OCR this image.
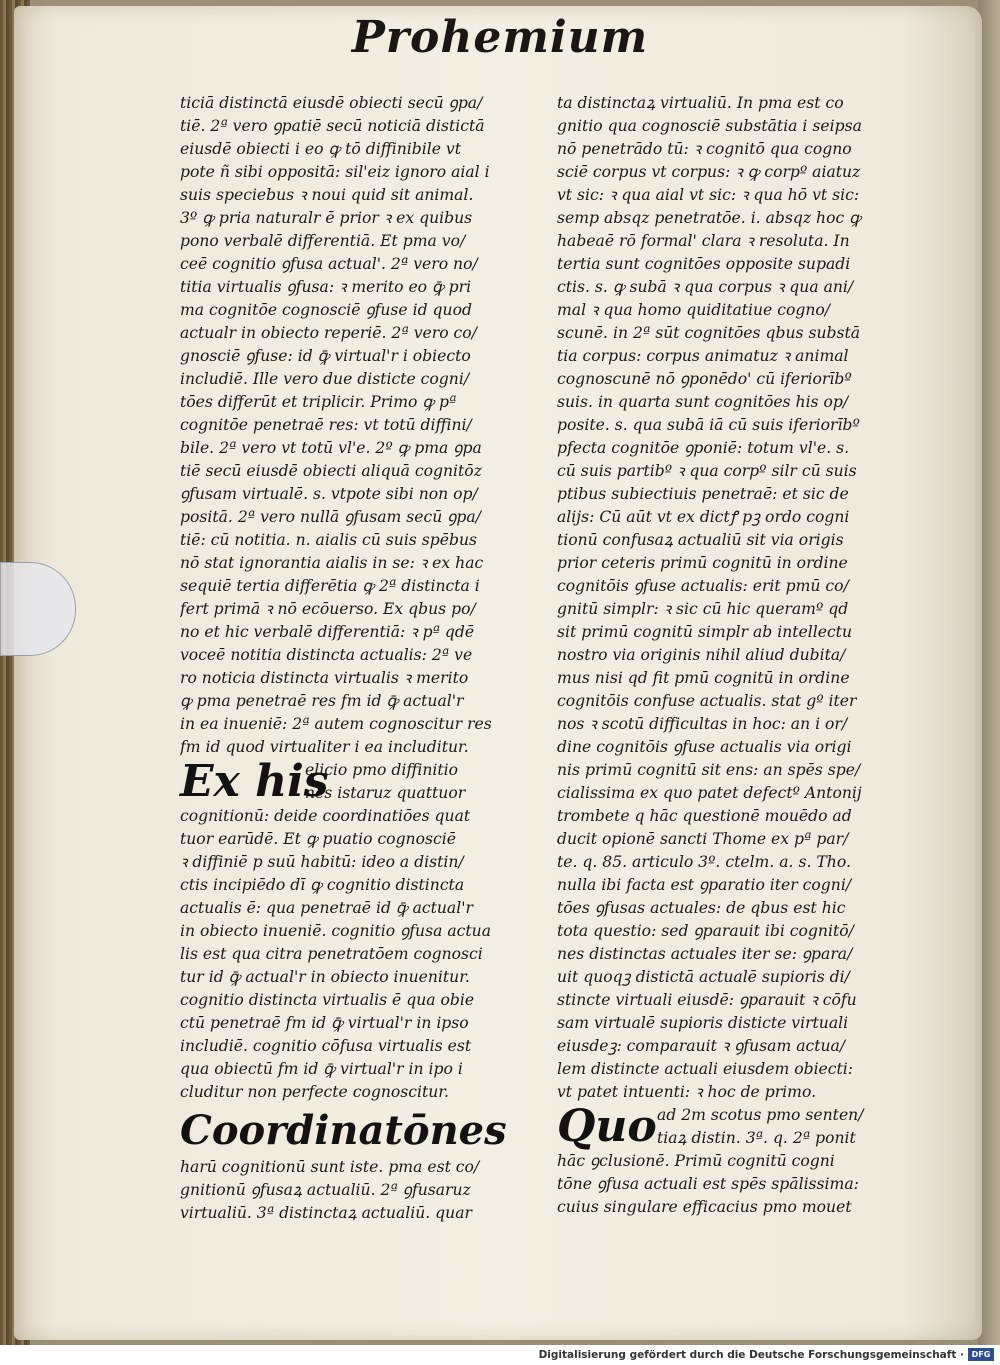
Prohemium
ticiā distinctā eiusdē obiecti secū ꝯpa/
tiē. 2ª vero ꝯpatiē secū noticiā distictā
eiusdē obiecti i eo ꝙ tō diffinibile vt
pote ñ sibi oppositā: sil'eiz ignoro aial i
suis speciebus ꝛ noui quid sit animal.
3º ꝙ pria naturalr ē prior ꝛ ex quibus
pono verbalē differentiā. Et pma vo/
ceē cognitio ꝯfusa actual'. 2ª vero no/
titia virtualis ꝯfusa: ꝛ merito eo ꝙ̄ pri
ma cognitōe cognosciē ꝯfuse id quod
actualr in obiecto reperiē. 2ª vero co/
gnosciē ꝯfuse: id ꝙ̄ virtual'r i obiecto
includiē. Ille vero due disticte cogni/
tōes differūt et triplicir. Primo ꝙ pª
cognitōe penetraē res: vt totū diffini/
bile. 2ª vero vt totū vl'e. 2º ꝙ pma ꝯpa
tiē secū eiusdē obiecti aliquā cognitōz
ꝯfusam virtualē. s. vtpote sibi non op/
positā. 2ª vero nullā ꝯfusam secū ꝯpa/
tiē: cū notitia. n. aialis cū suis spēbus
nō stat ignorantia aialis in se: ꝛ ex hac
sequiē tertia differētia ꝙ 2ª distincta i
fert primā ꝛ nō ecōuerso. Ex qbus po/
no et hic verbalē differentiā: ꝛ pª qdē
voceē notitia distincta actualis: 2ª ve
ro noticia distincta virtualis ꝛ merito
ꝙ pma penetraē res fm id ꝙ̄ actual'r
in ea inueniē: 2ª autem cognoscitur res
fm id quod virtualiter i ea includitur.
Ex his
elicio pmo diffinitio
nes istaruz quattuor
cognitionū: deide coordinatiōes quat
tuor earūdē. Et ꝙ puatio cognosciē
ꝛ diffiniē p suū habitū: ideo a distin/
ctis incipiēdo dī ꝙ cognitio distincta
actualis ē: qua penetraē id ꝙ̄ actual'r
in obiecto inueniē. cognitio ꝯfusa actua
lis est qua citra penetratōem cognosci
tur id ꝙ̄ actual'r in obiecto inuenitur.
cognitio distincta virtualis ē qua obie
ctū penetraē fm id ꝙ̄ virtual'r in ipso
includiē. cognitio cōfusa virtualis est
qua obiectū fm id ꝙ̄ virtual'r in ipo i
cluditur non perfecte cognoscitur.
Coordinatōnes
harū cognitionū sunt iste. pma est co/
gnitionū ꝯfusaꝝ actualiū. 2ª ꝯfusaruz
virtualiū. 3ª distinctaꝝ actualiū. quar
ta distinctaꝝ virtualiū. In pma est co
gnitio qua cognosciē substātia i seipsa
nō penetrādo tū: ꝛ cognitō qua cogno
sciē corpus vt corpus: ꝛ ꝙ corpº aiatuz
vt sic: ꝛ qua aial vt sic: ꝛ qua hō vt sic:
semp absqz penetratōe. i. absqz hoc ꝙ
habeaē rō formal' clara ꝛ resoluta. In
tertia sunt cognitōes opposite supadi
ctis. s. ꝙ subā ꝛ qua corpus ꝛ qua ani/
mal ꝛ qua homo quiditatiue cogno/
scunē. in 2ª sūt cognitōes qbus substā
tia corpus: corpus animatuz ꝛ animal
cognoscunē nō ꝯponēdo' cū iferiorībº
suis. in quarta sunt cognitōes his op/
posite. s. qua subā iā cū suis iferiorībº
pfecta cognitōe ꝯponiē: totum vl'e. s.
cū suis partibº ꝛ qua corpº silr cū suis
ptibus subiectiuis penetraē: et sic de
alijs: Cū aūt vt ex dictꝭ pꝫ ordo cogni
tionū confusaꝝ actualiū sit via origis
prior ceteris primū cognitū in ordine
cognitōis ꝯfuse actualis: erit pmū co/
gnitū simplr: ꝛ sic cū hic queramº qd
sit primū cognitū simplr ab intellectu
nostro via originis nihil aliud dubita/
mus nisi qd fit pmū cognitū in ordine
cognitōis confuse actualis. stat gº iter
nos ꝛ scotū difficultas in hoc: an i or/
dine cognitōis ꝯfuse actualis via origi
nis primū cognitū sit ens: an spēs spe/
cialissima ex quo patet defectº Antonij
trombete q hāc questionē mouēdo ad
ducit opionē sancti Thome ex pª par/
te. q. 85. articulo 3º. ctelm. a. s. Tho.
nulla ibi facta est ꝯparatio iter cogni/
tōes ꝯfusas actuales: de qbus est hic
tota questio: sed ꝯparauit ibi cognitō/
nes distinctas actuales iter se: ꝯpara/
uit quoqꝫ distictā actualē supioris di/
stincte virtuali eiusdē: ꝯparauit ꝛ cōfu
sam virtualē supioris disticte virtuali
eiusdeꝫ: comparauit ꝛ ꝯfusam actua/
lem distincte actuali eiusdem obiecti:
vt patet intuenti: ꝛ hoc de primo.
Quo ad 2m scotus pmo senten/
tiaꝝ distin. 3ª. q. 2ª ponit
hāc ꝯclusionē. Primū cognitū cogni
tōne ꝯfusa actuali est spēs spālissima:
cuius singulare efficacius pmo mouet
Digitalisierung gefördert durch die Deutsche Forschungsgemeinschaft · DFG
